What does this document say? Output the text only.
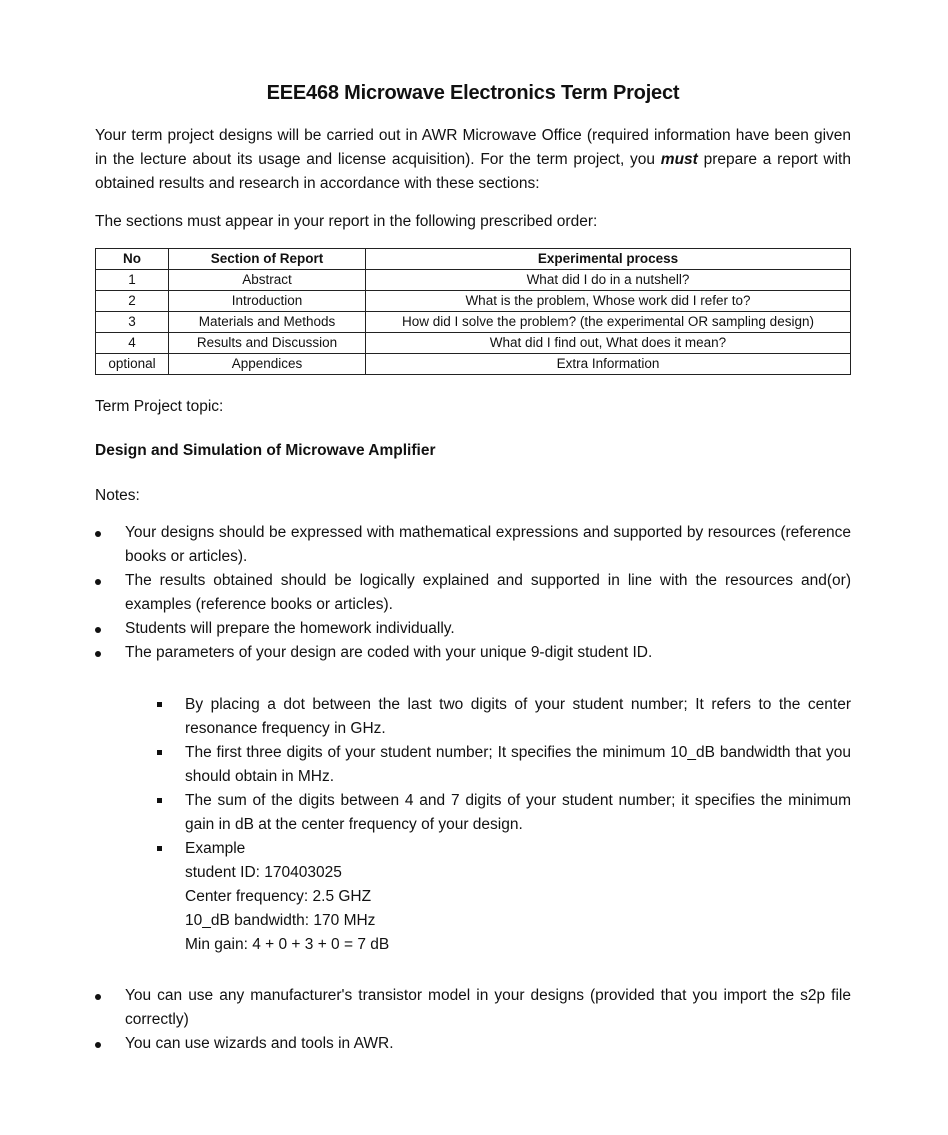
EEE468 Microwave Electronics Term Project
Your term project designs will be carried out in AWR Microwave Office (required information have been given in the lecture about its usage and license acquisition). For the term project, you must prepare a report with obtained results and research in accordance with these sections:
The sections must appear in your report in the following prescribed order:
No	Section of Report	Experimental process
1	Abstract	What did I do in a nutshell?
2	Introduction	What is the problem, Whose work did I refer to?
3	Materials and Methods	How did I solve the problem? (the experimental OR sampling design)
4	Results and Discussion	What did I find out, What does it mean?
optional	Appendices	Extra Information
Term Project topic:
Design and Simulation of Microwave Amplifier
Notes:
Your designs should be expressed with mathematical expressions and supported by resources (reference books or articles).
The results obtained should be logically explained and supported in line with the resources and(or) examples (reference books or articles).
Students will prepare the homework individually.
The parameters of your design are coded with your unique 9-digit student ID.
By placing a dot between the last two digits of your student number; It refers to the center resonance frequency in GHz.
The first three digits of your student number; It specifies the minimum 10_dB bandwidth that you should obtain in MHz.
The sum of the digits between 4 and 7 digits of your student number; it specifies the minimum gain in dB at the center frequency of your design.
Example
student ID: 170403025
Center frequency: 2.5 GHZ
10_dB bandwidth: 170 MHz
Min gain: 4 + 0 + 3 + 0 = 7 dB
You can use any manufacturer's transistor model in your designs (provided that you import the s2p file correctly)
You can use wizards and tools in AWR.
